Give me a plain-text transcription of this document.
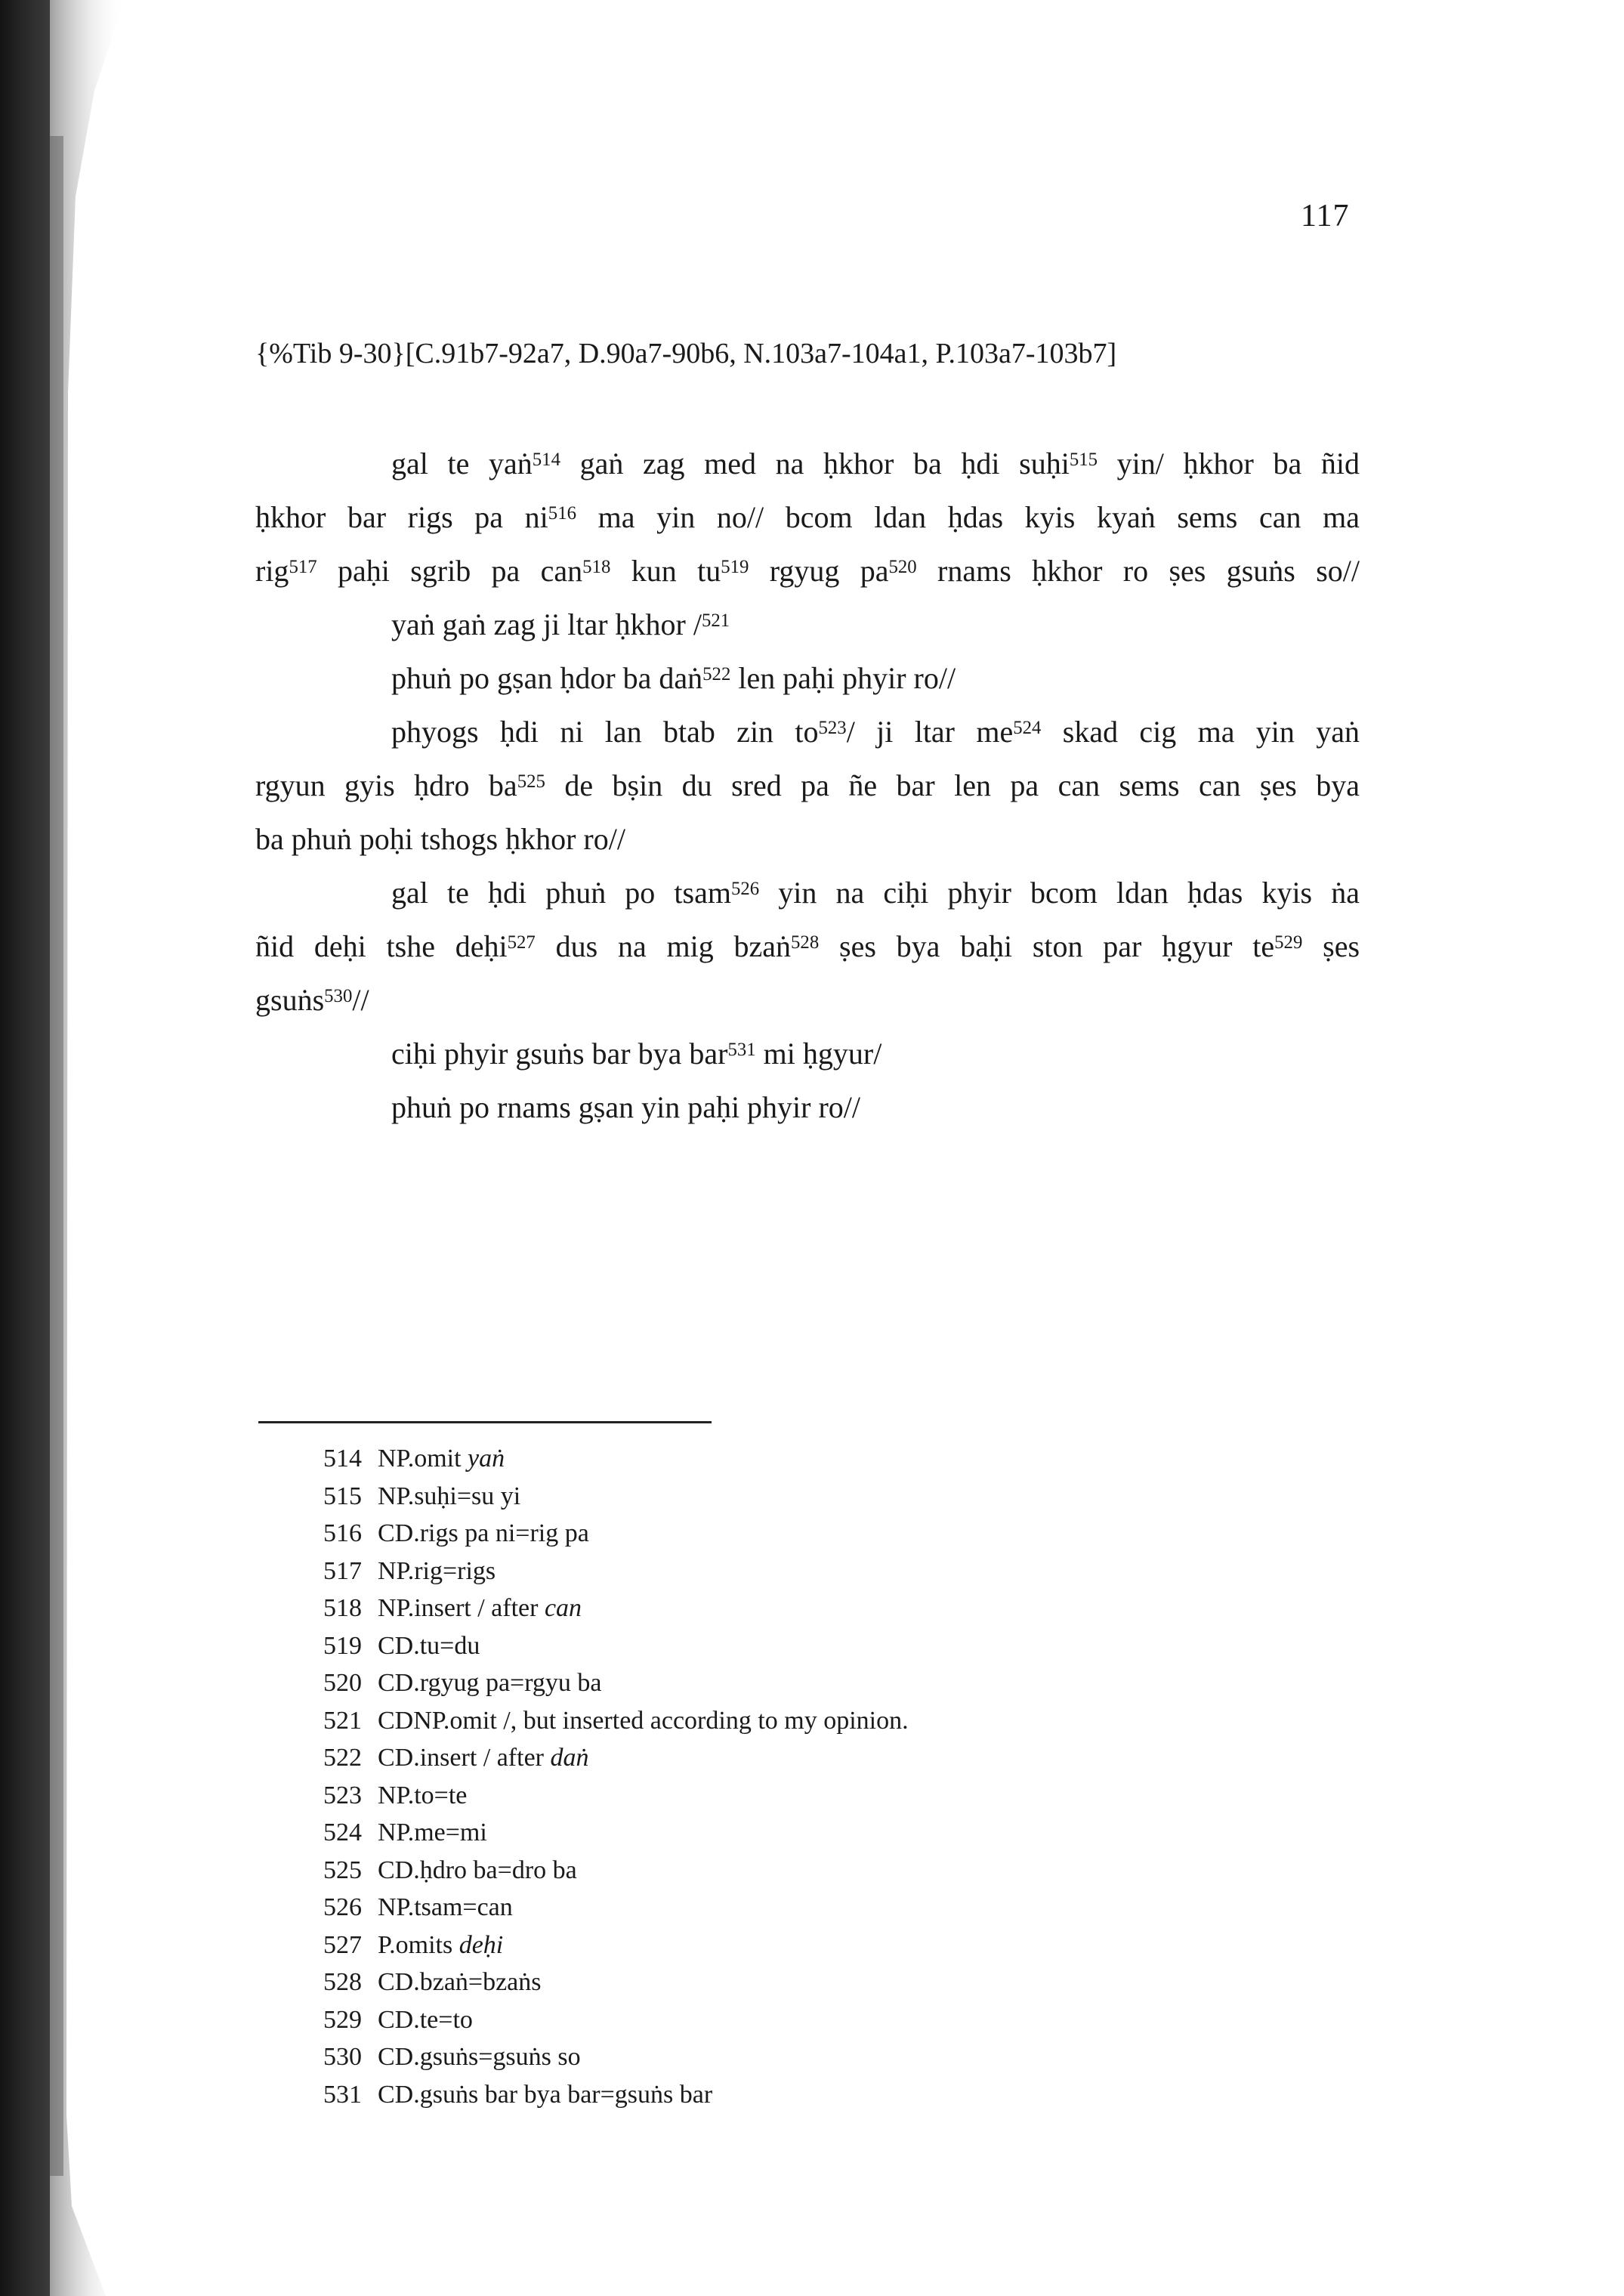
117
{%Tib 9-30}[C.91b7-92a7, D.90a7-90b6, N.103a7-104a1, P.103a7-103b7]
gal te yaṅ$^{514}$ gaṅ zag med na ḥkhor ba ḥdi suḥi$^{515}$ yin/ ḥkhor ba ñid
ḥkhor bar rigs pa $ni^{516}$ ma yin no// bcom ldan ḥdas kyis kyaṅ sems can ma
rig$^{517}$ paḥi sgrib pa can$^{518}$ kun $tu^{519}$ rgyug $pa^{520}$ rnams ḥkhor ro ṣes gsuṅs so//
yaṅ gaṅ zag ji ltar ḥkhor /$^{521}$
phuṅ po gṣan ḥdor ba daṅ$^{522}$ len paḥi phyir ro//
phyogs ḥdi ni lan btab zin $to^{523}/$ ji ltar $me^{524}$ skad cig ma yin yaṅ
rgyun gyis ḥdro $ba^{525}$ de bṣin du sred pa ñe bar len pa can sems can ṣes bya
ba phuṅ poḥi tshogs ḥkhor ro//
gal te ḥdi phuṅ po tsam$^{526}$ yin na ciḥi phyir bcom ldan ḥdas kyis ṅa
ñid deḥi tshe deḥi$^{527}$ dus na mig bzaṅ$^{528}$ ṣes bya baḥi ston par ḥgyur $te^{529}$ ṣes
gsuṅs$^{530}$//
ciḥi phyir gsuṅs bar bya bar$^{531}$ mi ḥgyur/
phuṅ po rnams gṣan yin paḥi phyir ro//
514 NP.omit yaṅ
515 NP.suḥi=su yi
516 CD.rigs pa ni=rig pa
517 NP.rig=rigs
518 NP.insert / after can
519 CD.tu=du
520 CD.rgyug pa=rgyu ba
521 CDNP.omit /, but inserted according to my opinion.
522 CD.insert / after daṅ
523 NP.to=te
524 NP.me=mi
525 CD.ḥdro ba=dro ba
526 NP.tsam=can
527 P.omits deḥi
528 CD.bzaṅ=bzaṅs
529 CD.te=to
530 CD.gsuṅs=gsuṅs so
531 CD.gsuṅs bar bya bar=gsuṅs bar
